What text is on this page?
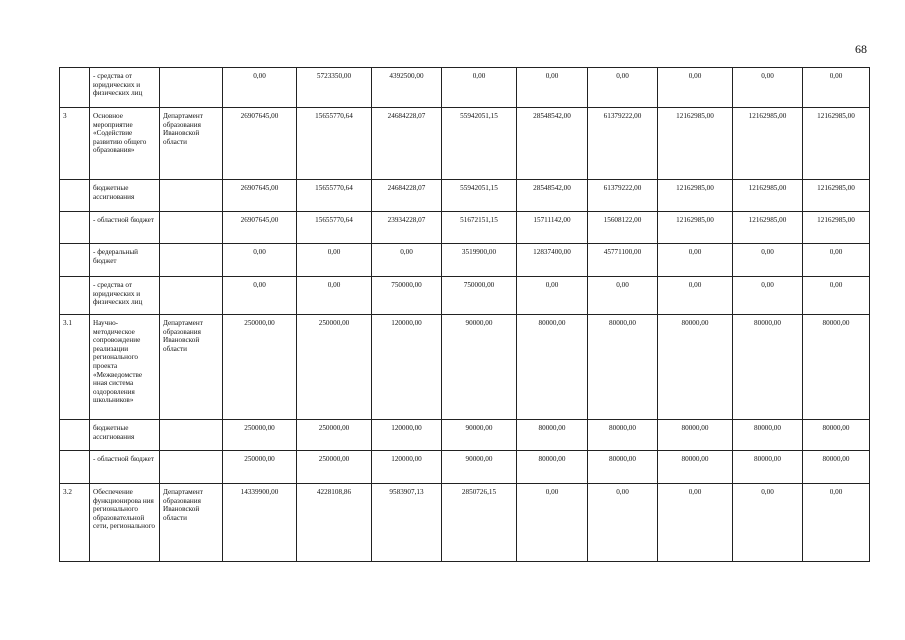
68
	- средства от юридических и физических лиц		0,00	5723350,00	4392500,00	0,00	0,00	0,00	0,00	0,00	0,00
3	Основное мероприятие «Содействие развитию общего образования»	Департамент образования Ивановской области	26907645,00	15655770,64	24684228,07	55942051,15	28548542,00	61379222,00	12162985,00	12162985,00	12162985,00
	бюджетные ассигнования		26907645,00	15655770,64	24684228,07	55942051,15	28548542,00	61379222,00	12162985,00	12162985,00	12162985,00
	- областной бюджет		26907645,00	15655770,64	23934228,07	51672151,15	15711142,00	15608122,00	12162985,00	12162985,00	12162985,00
	- федеральный бюджет		0,00	0,00	0,00	3519900,00	12837400,00	45771100,00	0,00	0,00	0,00
	- средства от юридических и физических лиц		0,00	0,00	750000,00	750000,00	0,00	0,00	0,00	0,00	0,00
3.1	Научно-методическое сопровождение реализации регионального проекта «Межведомстве нная система оздоровления школьников»	Департамент образования Ивановской области	250000,00	250000,00	120000,00	90000,00	80000,00	80000,00	80000,00	80000,00	80000,00
	бюджетные ассигнования		250000,00	250000,00	120000,00	90000,00	80000,00	80000,00	80000,00	80000,00	80000,00
	- областной бюджет		250000,00	250000,00	120000,00	90000,00	80000,00	80000,00	80000,00	80000,00	80000,00
3.2	Обеспечение функционирова ния регионального образовательной сети, регионального	Департамент образования Ивановской области	14339900,00	4228108,86	9583907,13	2850726,15	0,00	0,00	0,00	0,00	0,00
